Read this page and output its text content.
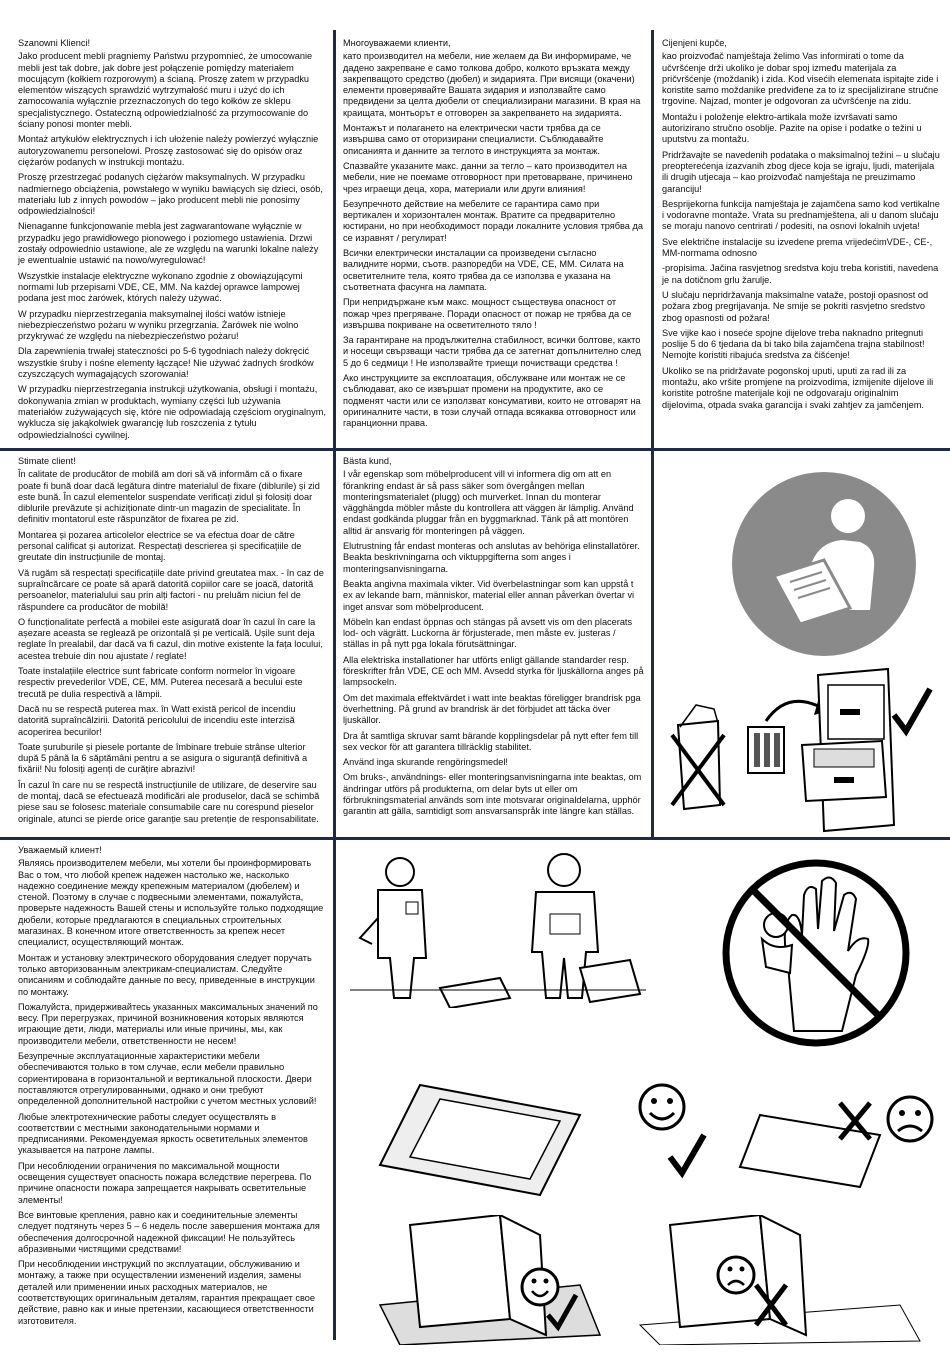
Szanowni Klienci!

Jako producent mebli pragniemy Państwu przypomnieć, że umocowanie mebli jest tak dobre, jak dobre jest połączenie pomiędzy materiałem mocującym (kołkiem rozporowym) a ścianą. Proszę zatem w przypadku elementów wiszących sprawdzić wytrzymałość muru i użyć do ich zamocowania wyłącznie przeznaczonych do tego kołków ze sklepu specjalistycznego. Ostateczną odpowiedzialność za przymocowanie do ściany ponosi monter mebli.

Montaż artykułów elektrycznych i ich ułożenie należy powierzyć wyłącznie autoryzowanemu personelowi. Proszę zastosować się do opisów oraz ciężarów podanych w instrukcji montażu.

Proszę przestrzegać podanych ciężarów maksymalnych. W przypadku nadmiernego obciążenia, powstałego w wyniku bawiących się dzieci, osób, materiału lub z innych powodów – jako producent mebli nie ponosimy odpowiedzialności!

Nienaganne funkcjonowanie mebla jest zagwarantowane wyłącznie w przypadku jego prawidłowego pionowego i poziomego ustawienia. Drzwi zostały odpowiednio ustawione, ale ze względu na warunki lokalne należy je ewentualnie ustawić na nowo/wyregulować!

Wszystkie instalacje elektryczne wykonano zgodnie z obowiązującymi normami lub przepisami VDE, CE, MM. Na każdej oprawce lampowej podana jest moc żarówek, których należy używać.

W przypadku nieprzestrzegania maksymalnej ilości watów istnieje niebezpieczeństwo pożaru w wyniku przegrzania. Żarówek nie wolno przykrywać ze względu na niebezpieczeństwo pożaru!

Dla zapewnienia trwałej stateczności po 5-6 tygodniach należy dokręcić wszystkie śruby i nośne elementy łączące! Nie używać żadnych środków czyszczących wymagających szorowania!

W przypadku nieprzestrzegania instrukcji użytkowania, obsługi i montażu, dokonywania zmian w produktach, wymiany części lub używania materiałów zużywających się, które nie odpowiadają częściom oryginalnym, wyklucza się jakąkolwiek gwarancję lub roszczenia z tytułu odpowiedzialności cywilnej.

Многоуважаеми клиенти,

като производител на мебели, ние желаем да Ви информираме, че дадено закрепване е само толкова добро, колкото връзката между закрепващото средство (дюбел) и зидарията. При висящи (окачени) елементи проверявайте Вашата зидария и използвайте само предвидени за целта дюбели от специализирани магазини. В края на краищата, монтьорът е отговорен за закрепването на зидарията.

Монтажът и полагането на електрически части трябва да се извършва само от оторизирани специалисти. Съблюдавайте описанията и данните за теглото в инструкцията за монтаж.

Спазвайте указаните макс. данни за тегло – като производител на мебели, ние не поемаме отговорност при претоварване, причинено чрез играещи деца, хора, материали или други влияния!

Безупречното действие на мебелите се гарантира само при вертикален и хоризонтален монтаж. Вратите са предварително юстирани, но при необходимост поради локалните условия трябва да се изравнят / регулират!

Всички електрически инсталации са произведени съгласно валидните норми, съотв. разпоредби на VDE, CE, MM. Силата на осветителните тела, която трябва да се използва е указана на съответната фасунга на лампата.

При непридържане към макс. мощност съществува опасност от пожар чрез прегряване. Поради опасност от пожар не трябва да се извършва покриване на осветителното тяло !

За гарантиране на продължителна стабилност, всички болтове, както и носещи свързващи части трябва да се затегнат допълнително след 5 до 6 седмици ! Не използвайте триещи почистващи средства !

Ако инструкциите за експлоатация, обслужване или монтаж не се съблюдават, ако се извършат промени на продуктите, ако се подменят части или се използват консумативи, които не отговарят на оригиналните части, в този случай отпада всякаква отговорност или гаранционни права.

Cijenjeni kupče,

kao proizvođač namještaja želimo Vas informirati o tome da učvršćenje drži ukoliko je dobar spoj između materijala za pričvršćenje (moždanik) i zida. Kod visećih elemenata ispitajte zide i koristite samo moždanike predviđene za to iz specijaliziranе stručne trgovine. Najzad, monter je odgovoran za učvršćenje na zidu.

Montažu i položenje elektro-artikala može izvršavati samo autorizirano stručno osoblje. Pazite na opise i podatke o težini u uputstvu za montažu.

Pridržavajte se navedenih podataka o maksimalnoj težini – u slučaju preopterećenja izazvanih zbog djece koja se igraju, ljudi, materijala ili drugih utjecaja – kao proizvođač namještaja ne preuzimamo garanciju!

Besprijekorna funkcija namještaja je zajamčena samo kod vertikalne i vodoravne montaže. Vrata su prednamještena, ali u danom slučaju se moraju nanovo centrirati / podesiti, na osnovi lokalnih uvjeta!

Sve električne instalacije su izvedene prema vrijedećimVDE-, CE-, MM-normama odnosno

-propisima. Jačina rasvjetnog sredstva koju treba koristiti, navedena je na dotičnom grlu žarulje.

U slučaju nepridržavanja maksimalne vataže, postoji opasnost od požara zbog pregrijavanja. Ne smije se pokriti rasvjetno sredstvo zbog opasnosti od požara!

Sve vijke kao i noseće spojne dijelove treba naknadno pritegnuti poslije 5 do 6 tjedana da bi tako bila zajamčena trajna stabilnost! Nemojte koristiti ribajuća sredstva za čišćenje!

Ukoliko se na pridržavate pogonskoj uputi, uputi za rad ili za montažu, ako vršite promjene na proizvodima, izmijenite dijelove ili koristite potrošne materijale koji ne odgovaraju originalnim dijelovima, otpada svaka garancija i svaki zahtjev za jamčenjem.

Stimate client!

În calitate de producător de mobilă am dori să vă informăm că o fixare poate fi bună doar dacă legătura dintre materialul de fixare (diblurile) și zid este bună. În cazul elementelor suspendate verificați zidul și folosiți doar diblurile prevăzute și achiziționate dintr-un magazin de specialitate. În definitiv montatorul este răspunzător de fixarea pe zid.

Montarea și pozarea articolelor electrice se va efectua doar de către personal calificat și autorizat. Respectați descrierea și specificațiile de greutate din instrucțiunile de montaj.

Vă rugăm să respectați specificațiile date privind greutatea max. - în caz de supraîncărcare ce poate să apară datorită copiilor care se joacă, datorită persoanelor, materialului sau prin alți factori - nu preluăm niciun fel de răspundere ca producător de mobilă!

O funcționalitate perfectă a mobilei este asigurată doar în cazul în care la așezare aceasta se reglează pe orizontală și pe verticală. Ușile sunt deja reglate în prealabil, dar dacă va fi cazul, din motive existente la fața locului, acestea trebuie din nou ajustate / reglate!

Toate instalațiile electrice sunt fabricate conform normelor în vigoare respectiv prevederilor VDE, CE, MM. Puterea necesară a becului este trecută pe dulia respectivă a lămpii.

Dacă nu se respectă puterea max. în Watt există pericol de incendiu datorită supraîncălzirii. Datorită pericolului de incendiu este interzisă acoperirea becurilor!

Toate șuruburile și piesele portante de îmbinare trebuie strânse ulterior după 5 până la 6 săptămâni pentru a se asigura o siguranță definitivă a fixării! Nu folosiți agenți de curățire abrazivi!

În cazul în care nu se respectă instrucțiunile de utilizare, de deservire sau de montaj, dacă se efectuează modificări ale produselor, dacă se schimbă piese sau se folosesc materiale consumabile care nu corespund pieselor originale, atunci se pierde orice garanție sau pretenție de responsabilitate.

Bästa kund,

I vår egenskap som möbelproducent vill vi informera dig om att en förankring endast är så pass säker som övergången mellan monteringsmaterialet (plugg) och murverket. Innan du monterar vägghängda möbler måste du kontrollera att väggen är lämplig. Använd endast godkända pluggar från en byggmarknad. Tänk på att montören alltid är ansvarig för monteringen på väggen.

Elutrustning får endast monteras och anslutas av behöriga elinstallatörer. Beakta beskrivningarna och viktuppgifterna som anges i monteringsanvisningarna.

Beakta angivna maximala vikter. Vid överbelastningar som kan uppstå t ex av lekande barn, människor, material eller annan påverkan övertar vi inget ansvar som möbelproducent.

Möbeln kan endast öppnas och stängas på avsett vis om den placerats lod- och vägrätt. Luckorna är förjusterade, men måste ev. justeras / ställas in på nytt pga lokala förutsättningar.

Alla elektriska installationer har utförts enligt gällande standarder resp. föreskrifter från VDE, CE och MM. Avsedd styrka för ljuskällorna anges på lampsockeln.

Om det maximala effektvärdet i watt inte beaktas föreligger brandrisk pga överhettning. På grund av brandrisk är det förbjudet att täcka över ljuskällor.

Dra åt samtliga skruvar samt bärande kopplingsdelar på nytt efter fem till sex veckor för att garantera tillräcklig stabilitet.

Använd inga skurande rengöringsmedel!

Om bruks-, användnings- eller monteringsanvisningarna inte beaktas, om ändringar utförs på produkterna, om delar byts ut eller om förbrukningsmaterial används som inte motsvarar originaldelarna, upphör garantin att gälla, samtidigt som ansvarsanspråk inte längre kan ställas.

Уважаемый клиент!

Являясь производителем мебели, мы хотели бы проинформировать Вас о том, что любой крепеж надежен настолько же, насколько надежно соединение между крепежным материалом (дюбелем) и стеной. Поэтому в случае с подвесными элементами, пожалуйста, проверьте надежность Вашей стены и используйте только подходящие дюбели, которые предлагаются в специальных строительных магазинах. В конечном итоге ответственность за крепеж несет специалист, осуществляющий монтаж.

Монтаж и установку электрического оборудования следует поручать только авторизованным электрикам-специалистам. Следуйте описаниям и соблюдайте данные по весу, приведенные в инструкции по монтажу.

Пожалуйста, придерживайтесь указанных максимальных значений по весу. При перегрузках, причиной возникновения которых являются играющие дети, люди, материалы или иные причины, мы, как производители мебели, ответственности не несем!

Безупречные эксплуатационные характеристики мебели обеспечиваются только в том случае, если мебели правильно сориентирована в горизонтальной и вертикальной плоскости. Двери поставляются отрегулированными, однако и они требуют определенной дополнительной настройки с учетом местных условий!

Любые электротехнические работы следует осуществлять в соответствии с местными законодательными нормами и предписаниями. Рекомендуемая яркость осветительных элементов указывается на патроне лампы.

При несоблюдении ограничения по максимальной мощности освещения существует опасность пожара вследствие перегрева. По причине опасности пожара запрещается накрывать осветительные элементы!

Все винтовые крепления, равно как и соединительные элементы следует подтянуть через 5 – 6 недель после завершения монтажа для обеспечения долгосрочной надежной фиксации! Не пользуйтесь абразивными чистящими средствами!

При несоблюдении инструкций по эксплуатации, обслуживанию и монтажу, а также при осуществлении изменений изделия, замены деталей или применении иных расходных материалов, не соответствующих оригинальным деталям, гарантия прекращает свое действие, равно как и иные претензии, касающиеся ответственности изготовителя.
